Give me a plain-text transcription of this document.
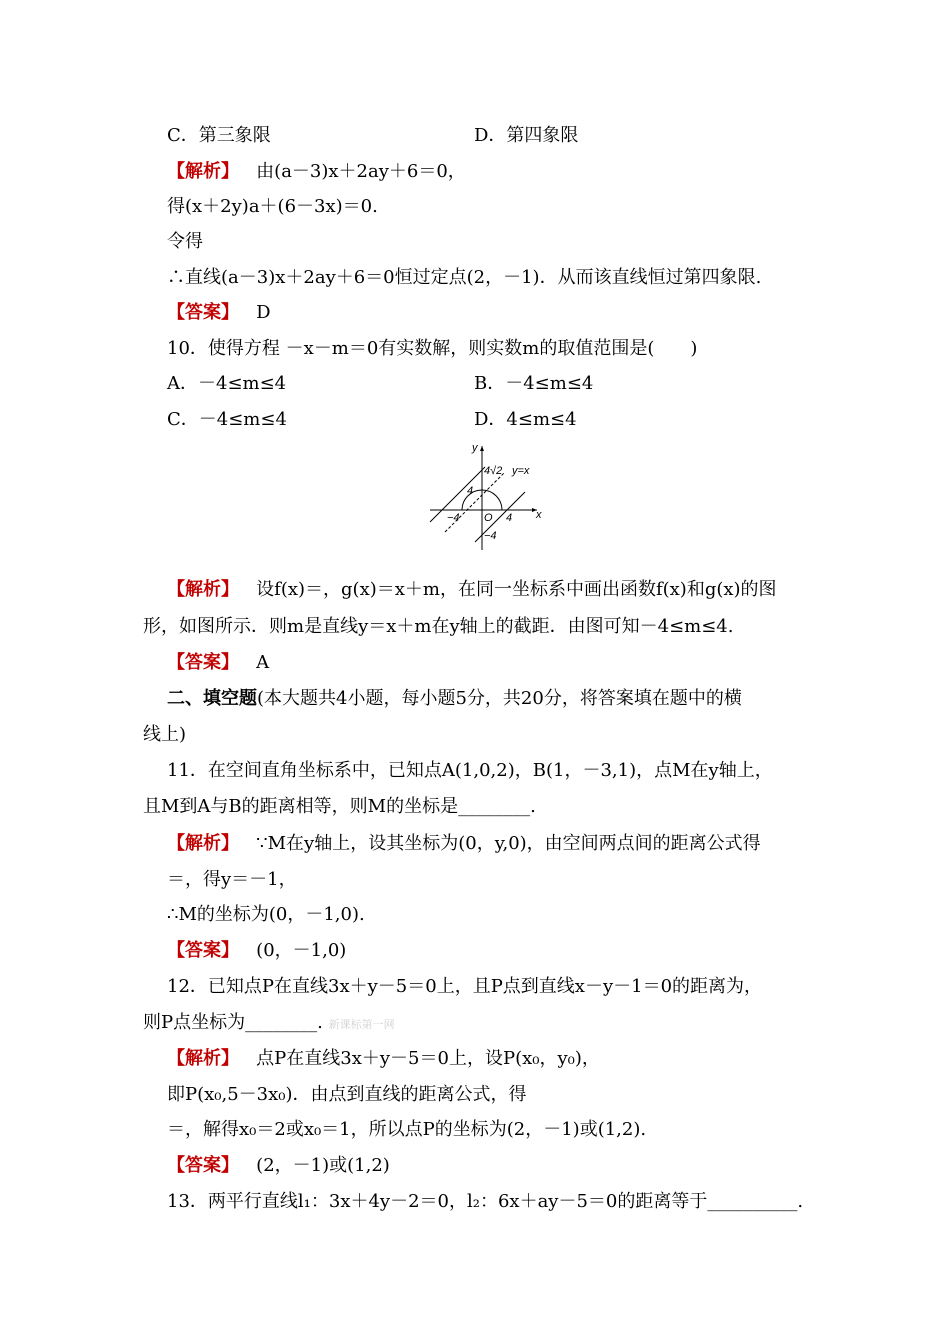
C．第三象限	D．第四象限
【解析】 由(a－3)x＋2ay＋6＝0，
得(x＋2y)a＋(6－3x)＝0.
令得
∴直线(a－3)x＋2ay＋6＝0恒过定点(2，－1)．从而该直线恒过第四象限.
【答案】 D
10．使得方程 －x－m＝0有实数解，则实数m的取值范围是(　　)
A．－4≤m≤4	B．－4≤m≤4
C．－4≤m≤4	D．4≤m≤4
y
x
4√2 y=x
4
−4 O 4
−4
【解析】 设f(x)＝，g(x)＝x＋m，在同一坐标系中画出函数f(x)和g(x)的图
形，如图所示．则m是直线y＝x＋m在y轴上的截距．由图可知－4≤m≤4.
【答案】 A
二、填空题(本大题共4小题，每小题5分，共20分，将答案填在题中的横
线上)
11．在空间直角坐标系中，已知点A(1,0,2)，B(1，－3,1)，点M在y轴上，
且M到A与B的距离相等，则M的坐标是________.
【解析】 ∵M在y轴上，设其坐标为(0，y,0)，由空间两点间的距离公式得
＝，得y＝－1，
∴M的坐标为(0，－1,0).
【答案】 (0，－1,0)
12．已知点P在直线3x＋y－5＝0上，且P点到直线x－y－1＝0的距离为，
则P点坐标为________. 新课标第一网
【解析】 点P在直线3x＋y－5＝0上，设P(x₀，y₀)，
即P(x₀,5－3x₀)．由点到直线的距离公式，得
＝，解得x₀＝2或x₀＝1，所以点P的坐标为(2，－1)或(1,2).
【答案】 (2，－1)或(1,2)
13．两平行直线l₁：3x＋4y－2＝0，l₂：6x＋ay－5＝0的距离等于__________.
